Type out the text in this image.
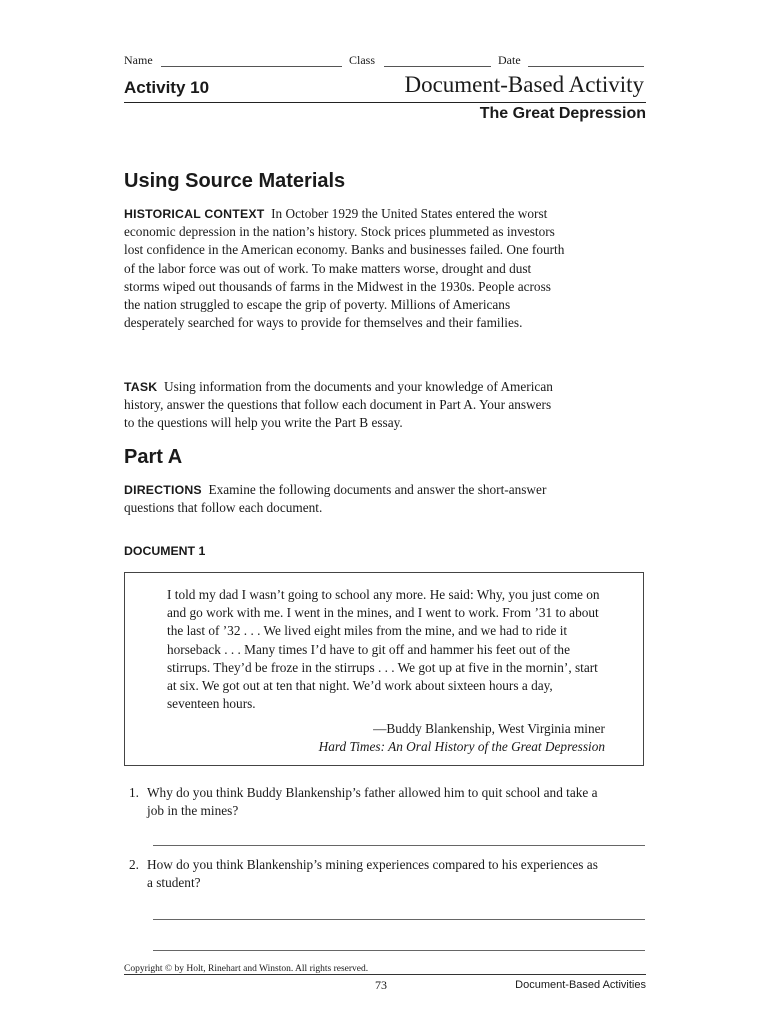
Name	Class	Date
Activity 10	Document-Based Activity
The Great Depression
Using Source Materials

HISTORICAL CONTEXT In October 1929 the United States entered the worst economic depression in the nation’s history. Stock prices plummeted as investors lost confidence in the American economy. Banks and businesses failed. One fourth of the labor force was out of work. To make matters worse, drought and dust storms wiped out thousands of farms in the Midwest in the 1930s. People across the nation struggled to escape the grip of poverty. Millions of Americans desperately searched for ways to provide for themselves and their families.

TASK Using information from the documents and your knowledge of American history, answer the questions that follow each document in Part A. Your answers to the questions will help you write the Part B essay.

Part A

DIRECTIONS Examine the following documents and answer the short-answer questions that follow each document.

DOCUMENT 1

I told my dad I wasn’t going to school any more. He said: Why, you just come on and go work with me. I went in the mines, and I went to work. From ’31 to about the last of ’32 . . . We lived eight miles from the mine, and we had to ride it horseback . . . Many times I’d have to git off and hammer his feet out of the stirrups. They’d be froze in the stirrups . . . We got up at five in the mornin’, start at six. We got out at ten that night. We’d work about sixteen hours a day, seventeen hours.

—Buddy Blankenship, West Virginia miner
Hard Times: An Oral History of the Great Depression

1. Why do you think Buddy Blankenship’s father allowed him to quit school and take a
job in the mines?

2. How do you think Blankenship’s mining experiences compared to his experiences as
a student?

Copyright © by Holt, Rinehart and Winston. All rights reserved.
73	Document-Based Activities
